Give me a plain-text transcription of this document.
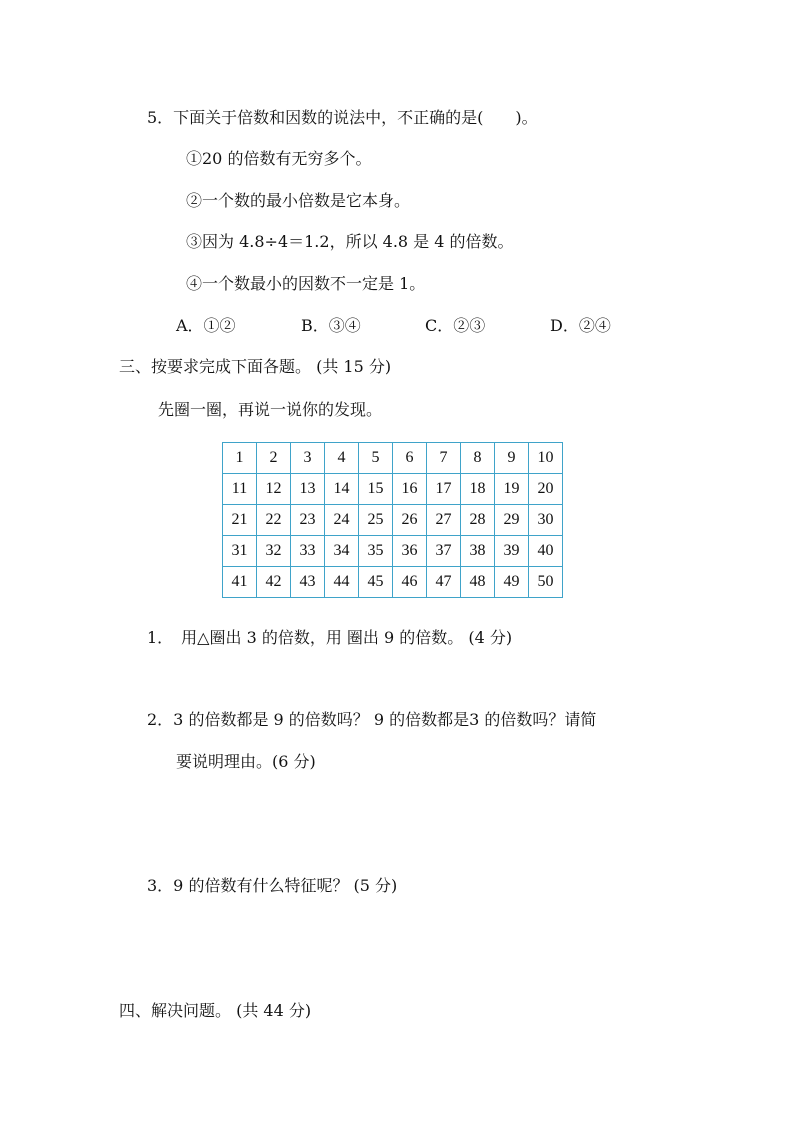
5．下面关于倍数和因数的说法中，不正确的是(　　)。
①20 的倍数有无穷多个。
②一个数的最小倍数是它本身。
③因为 4.8÷4＝1.2，所以 4.8 是 4 的倍数。
④一个数最小的因数不一定是 1。
A．①②	B．③④	C．②③	D．②④
三、按要求完成下面各题。 (共 15 分)
先圈一圈，再说一说你的发现。
1	2	3	4	5	6	7	8	9	10
11	12	13	14	15	16	17	18	19	20
21	22	23	24	25	26	27	28	29	30
31	32	33	34	35	36	37	38	39	40
41	42	43	44	45	46	47	48	49	50
1．　用△圈出 3 的倍数，用 圈出 9 的倍数。 (4 分)
2．3 的倍数都是 9 的倍数吗？ 9 的倍数都是3 的倍数吗？请简
要说明理由。(6 分)
3．9 的倍数有什么特征呢？ (5 分)
四、解决问题。 (共 44 分)
